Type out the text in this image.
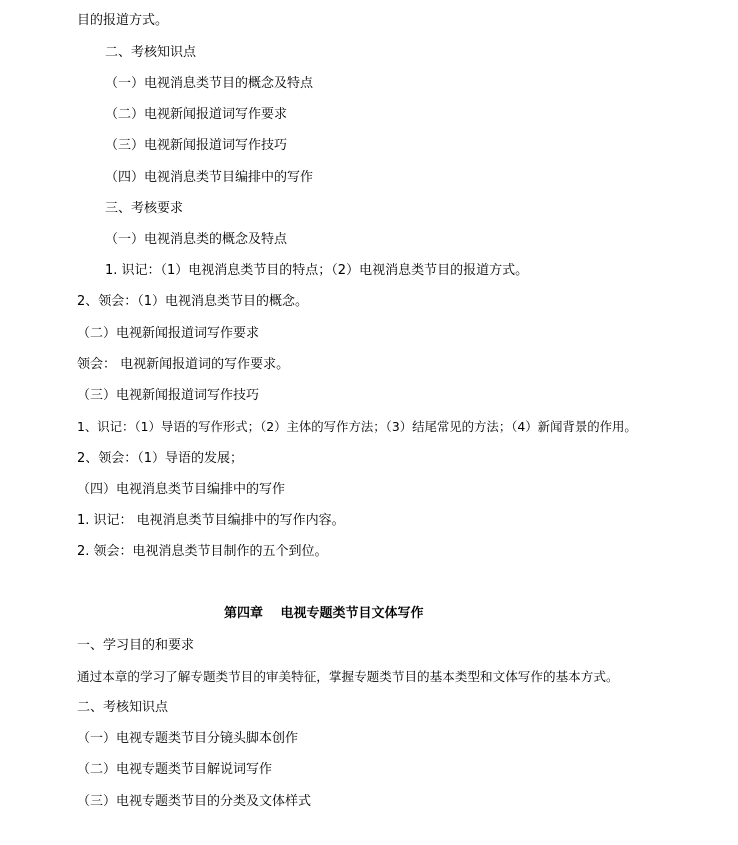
目的报道方式。
二、考核知识点
（一）电视消息类节目的概念及特点
（二）电视新闻报道词写作要求
（三）电视新闻报道词写作技巧
（四）电视消息类节目编排中的写作
三、考核要求
（一）电视消息类的概念及特点
1. 识记：（1）电视消息类节目的特点；（2）电视消息类节目的报道方式。
2、领会：（1）电视消息类节目的概念。
（二）电视新闻报道词写作要求
领会： 电视新闻报道词的写作要求。
（三）电视新闻报道词写作技巧
1、识记：（1）导语的写作形式；（2）主体的写作方法；（3）结尾常见的方法；（4）新闻背景的作用。
2、领会：（1）导语的发展；
（四）电视消息类节目编排中的写作
1. 识记： 电视消息类节目编排中的写作内容。
2. 领会：电视消息类节目制作的五个到位。
第四章　 电视专题类节目文体写作
一、学习目的和要求
通过本章的学习了解专题类节目的审美特征，掌握专题类节目的基本类型和文体写作的基本方式。
二、考核知识点
（一）电视专题类节目分镜头脚本创作
（二）电视专题类节目解说词写作
（三）电视专题类节目的分类及文体样式
